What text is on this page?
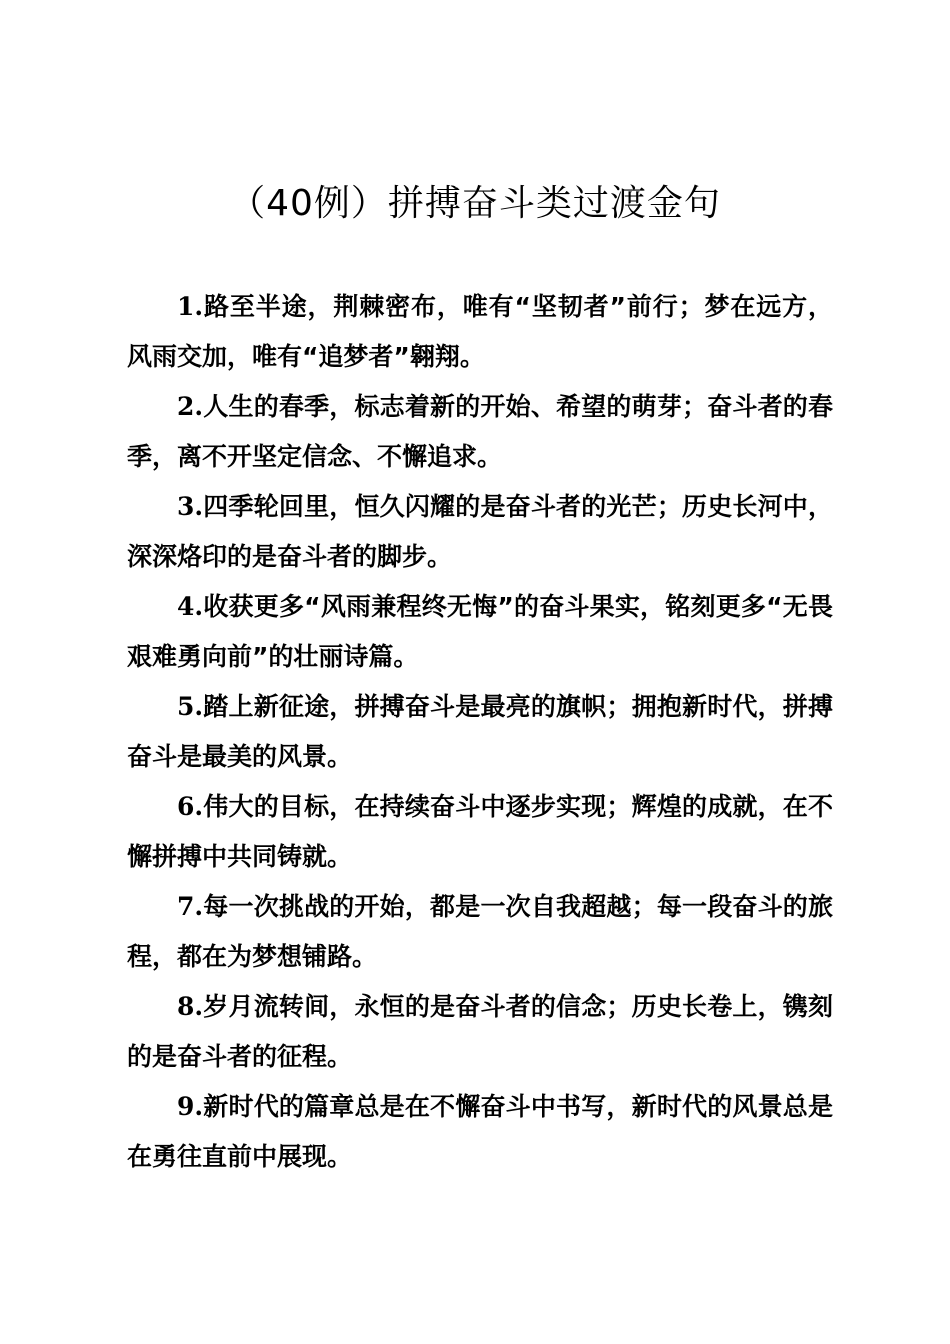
（40例）拼搏奋斗类过渡金句
1.路至半途，荆棘密布，唯有“坚韧者”前行；梦在远方，风雨交加，唯有“追梦者”翱翔。
2.人生的春季，标志着新的开始、希望的萌芽；奋斗者的春季，离不开坚定信念、不懈追求。
3.四季轮回里，恒久闪耀的是奋斗者的光芒；历史长河中，深深烙印的是奋斗者的脚步。
4.收获更多“风雨兼程终无悔”的奋斗果实，铭刻更多“无畏艰难勇向前”的壮丽诗篇。
5.踏上新征途，拼搏奋斗是最亮的旗帜；拥抱新时代，拼搏奋斗是最美的风景。
6.伟大的目标，在持续奋斗中逐步实现；辉煌的成就，在不懈拼搏中共同铸就。
7.每一次挑战的开始，都是一次自我超越；每一段奋斗的旅程，都在为梦想铺路。
8.岁月流转间，永恒的是奋斗者的信念；历史长卷上，镌刻的是奋斗者的征程。
9.新时代的篇章总是在不懈奋斗中书写，新时代的风景总是在勇往直前中展现。
